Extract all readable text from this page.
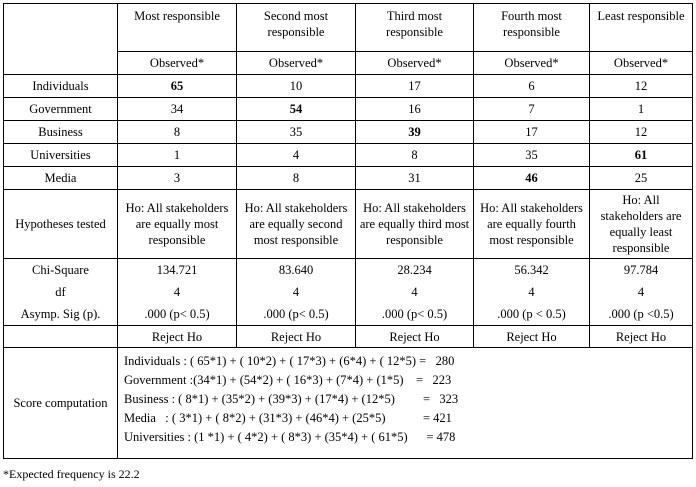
	Most responsible	Second most responsible	Third most responsible	Fourth most responsible	Least responsible
	Observed*	Observed*	Observed*	Observed*	Observed*
Individuals	65	10	17	6	12
Government	34	54	16	7	1
Business	8	35	39	17	12
Universities	1	4	8	35	61
Media	3	8	31	46	25
Hypotheses tested	Ho: All stakeholders are equally most responsible	Ho: All stakeholders are equally second most responsible	Ho: All stakeholders are equally third most responsible	Ho: All stakeholders are equally fourth most responsible	Ho: All stakeholders are equally least responsible
Chi-Square	134.721	83.640	28.234	56.342	97.784
df	4	4	4	4	4
Asymp. Sig (p).	.000 (p< 0.5)	.000 (p< 0.5)	.000 (p< 0.5)	.000 (p < 0.5)	.000 (p <0.5)
	Reject Ho	Reject Ho	Reject Ho	Reject Ho	Reject Ho
Score computation	Individuals : ( 65*1) + ( 10*2) + ( 17*3) + (6*4) + ( 12*5) =   280
Government :(34*1) + (54*2) + ( 16*3) + (7*4) + (1*5)    =   223
Business : ( 8*1) + (35*2) + (39*3) + (17*4) + (12*5)         =   323
Media   : ( 3*1) + ( 8*2) + (31*3) + (46*4) + (25*5)            = 421
Universities : (1 *1) + ( 4*2) + ( 8*3) + (35*4) + ( 61*5)      = 478				
*Expected frequency is 22.2
